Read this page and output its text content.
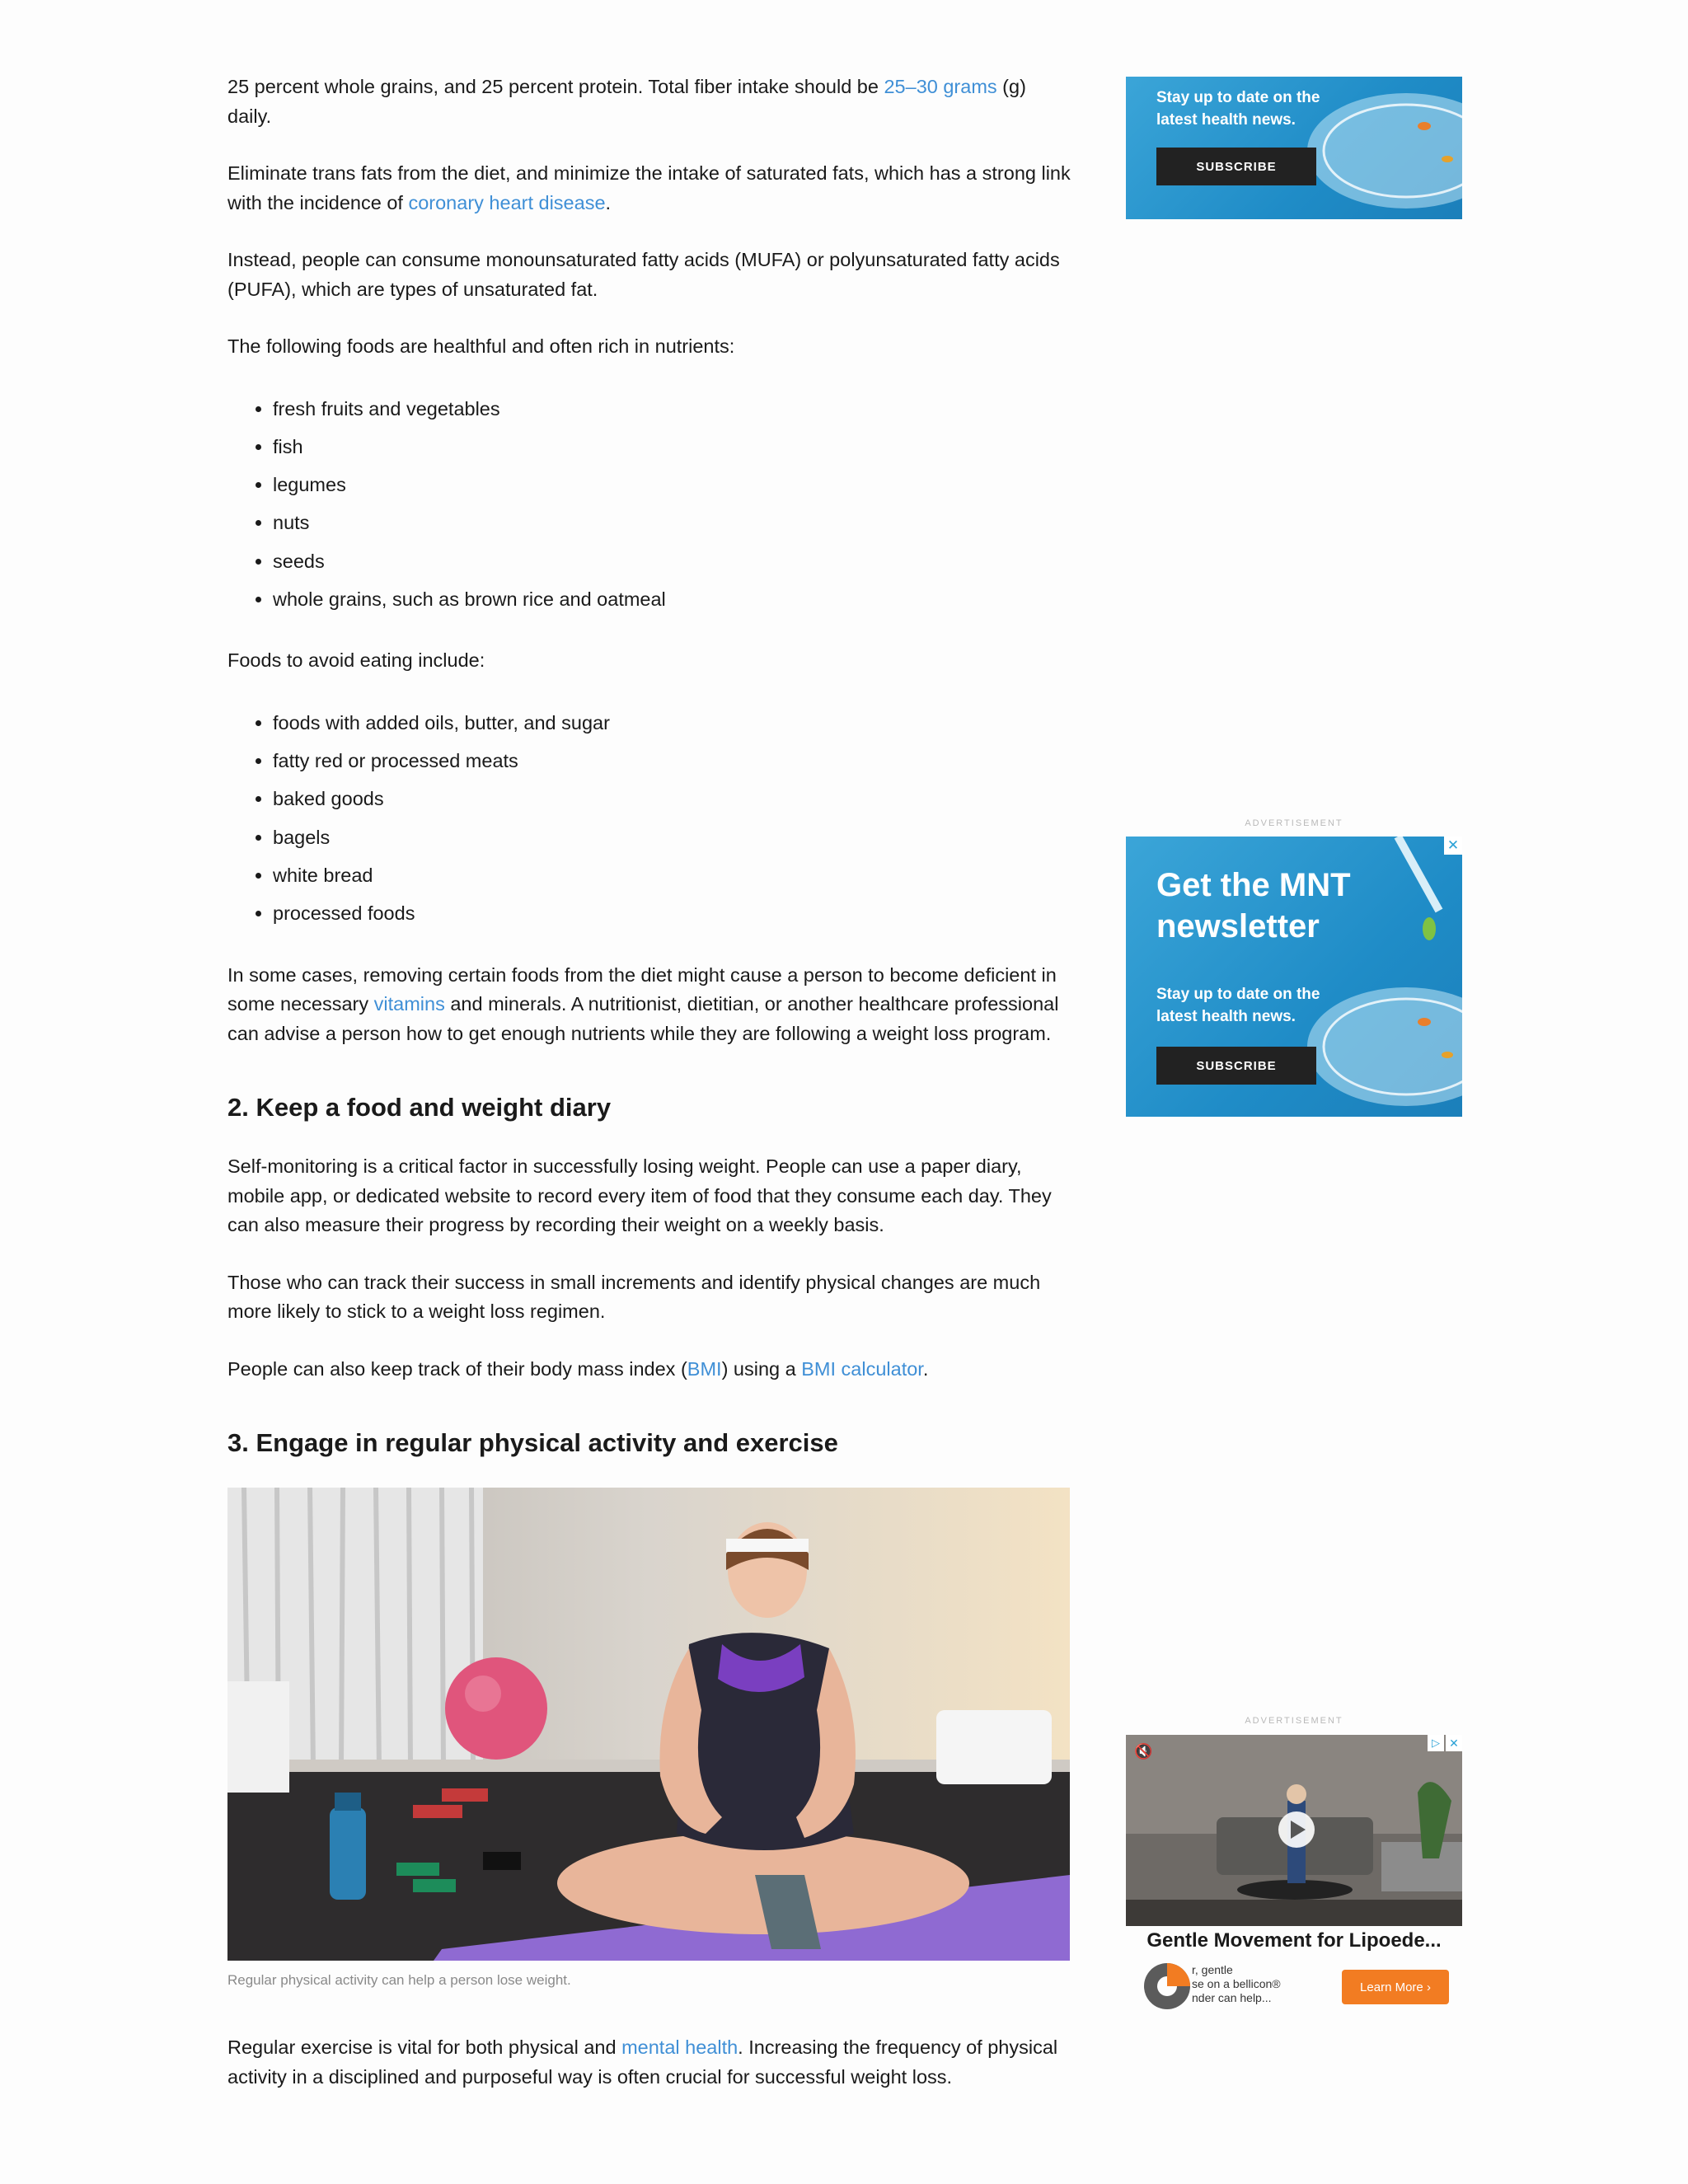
25 percent whole grains, and 25 percent protein. Total fiber intake should be 25–30 grams (g) daily.

Eliminate trans fats from the diet, and minimize the intake of saturated fats, which has a strong link with the incidence of coronary heart disease.

Instead, people can consume monounsaturated fatty acids (MUFA) or polyunsaturated fatty acids (PUFA), which are types of unsaturated fat.

The following foods are healthful and often rich in nutrients:

• fresh fruits and vegetables
• fish
• legumes
• nuts
• seeds
• whole grains, such as brown rice and oatmeal

Foods to avoid eating include:

• foods with added oils, butter, and sugar
• fatty red or processed meats
• baked goods
• bagels
• white bread
• processed foods

In some cases, removing certain foods from the diet might cause a person to become deficient in some necessary vitamins and minerals. A nutritionist, dietitian, or another healthcare professional can advise a person how to get enough nutrients while they are following a weight loss program.

2. Keep a food and weight diary

Self-monitoring is a critical factor in successfully losing weight. People can use a paper diary, mobile app, or dedicated website to record every item of food that they consume each day. They can also measure their progress by recording their weight on a weekly basis.

Those who can track their success in small increments and identify physical changes are much more likely to stick to a weight loss regimen.

People can also keep track of their body mass index (BMI) using a BMI calculator.

3. Engage in regular physical activity and exercise
Regular physical activity can help a person lose weight.

Regular exercise is vital for both physical and mental health. Increasing the frequency of physical activity in a disciplined and purposeful way is often crucial for successful weight loss.

Stay up to date on the latest health news.
SUBSCRIBE
ADVERTISEMENT
✕
Get the MNT newsletter
Stay up to date on the latest health news.
SUBSCRIBE
ADVERTISEMENT
🔇
▷ ✕
Gentle Movement for Lipoede...
r, gentle
se on a bellicon®
nder can help...
Learn More ›
